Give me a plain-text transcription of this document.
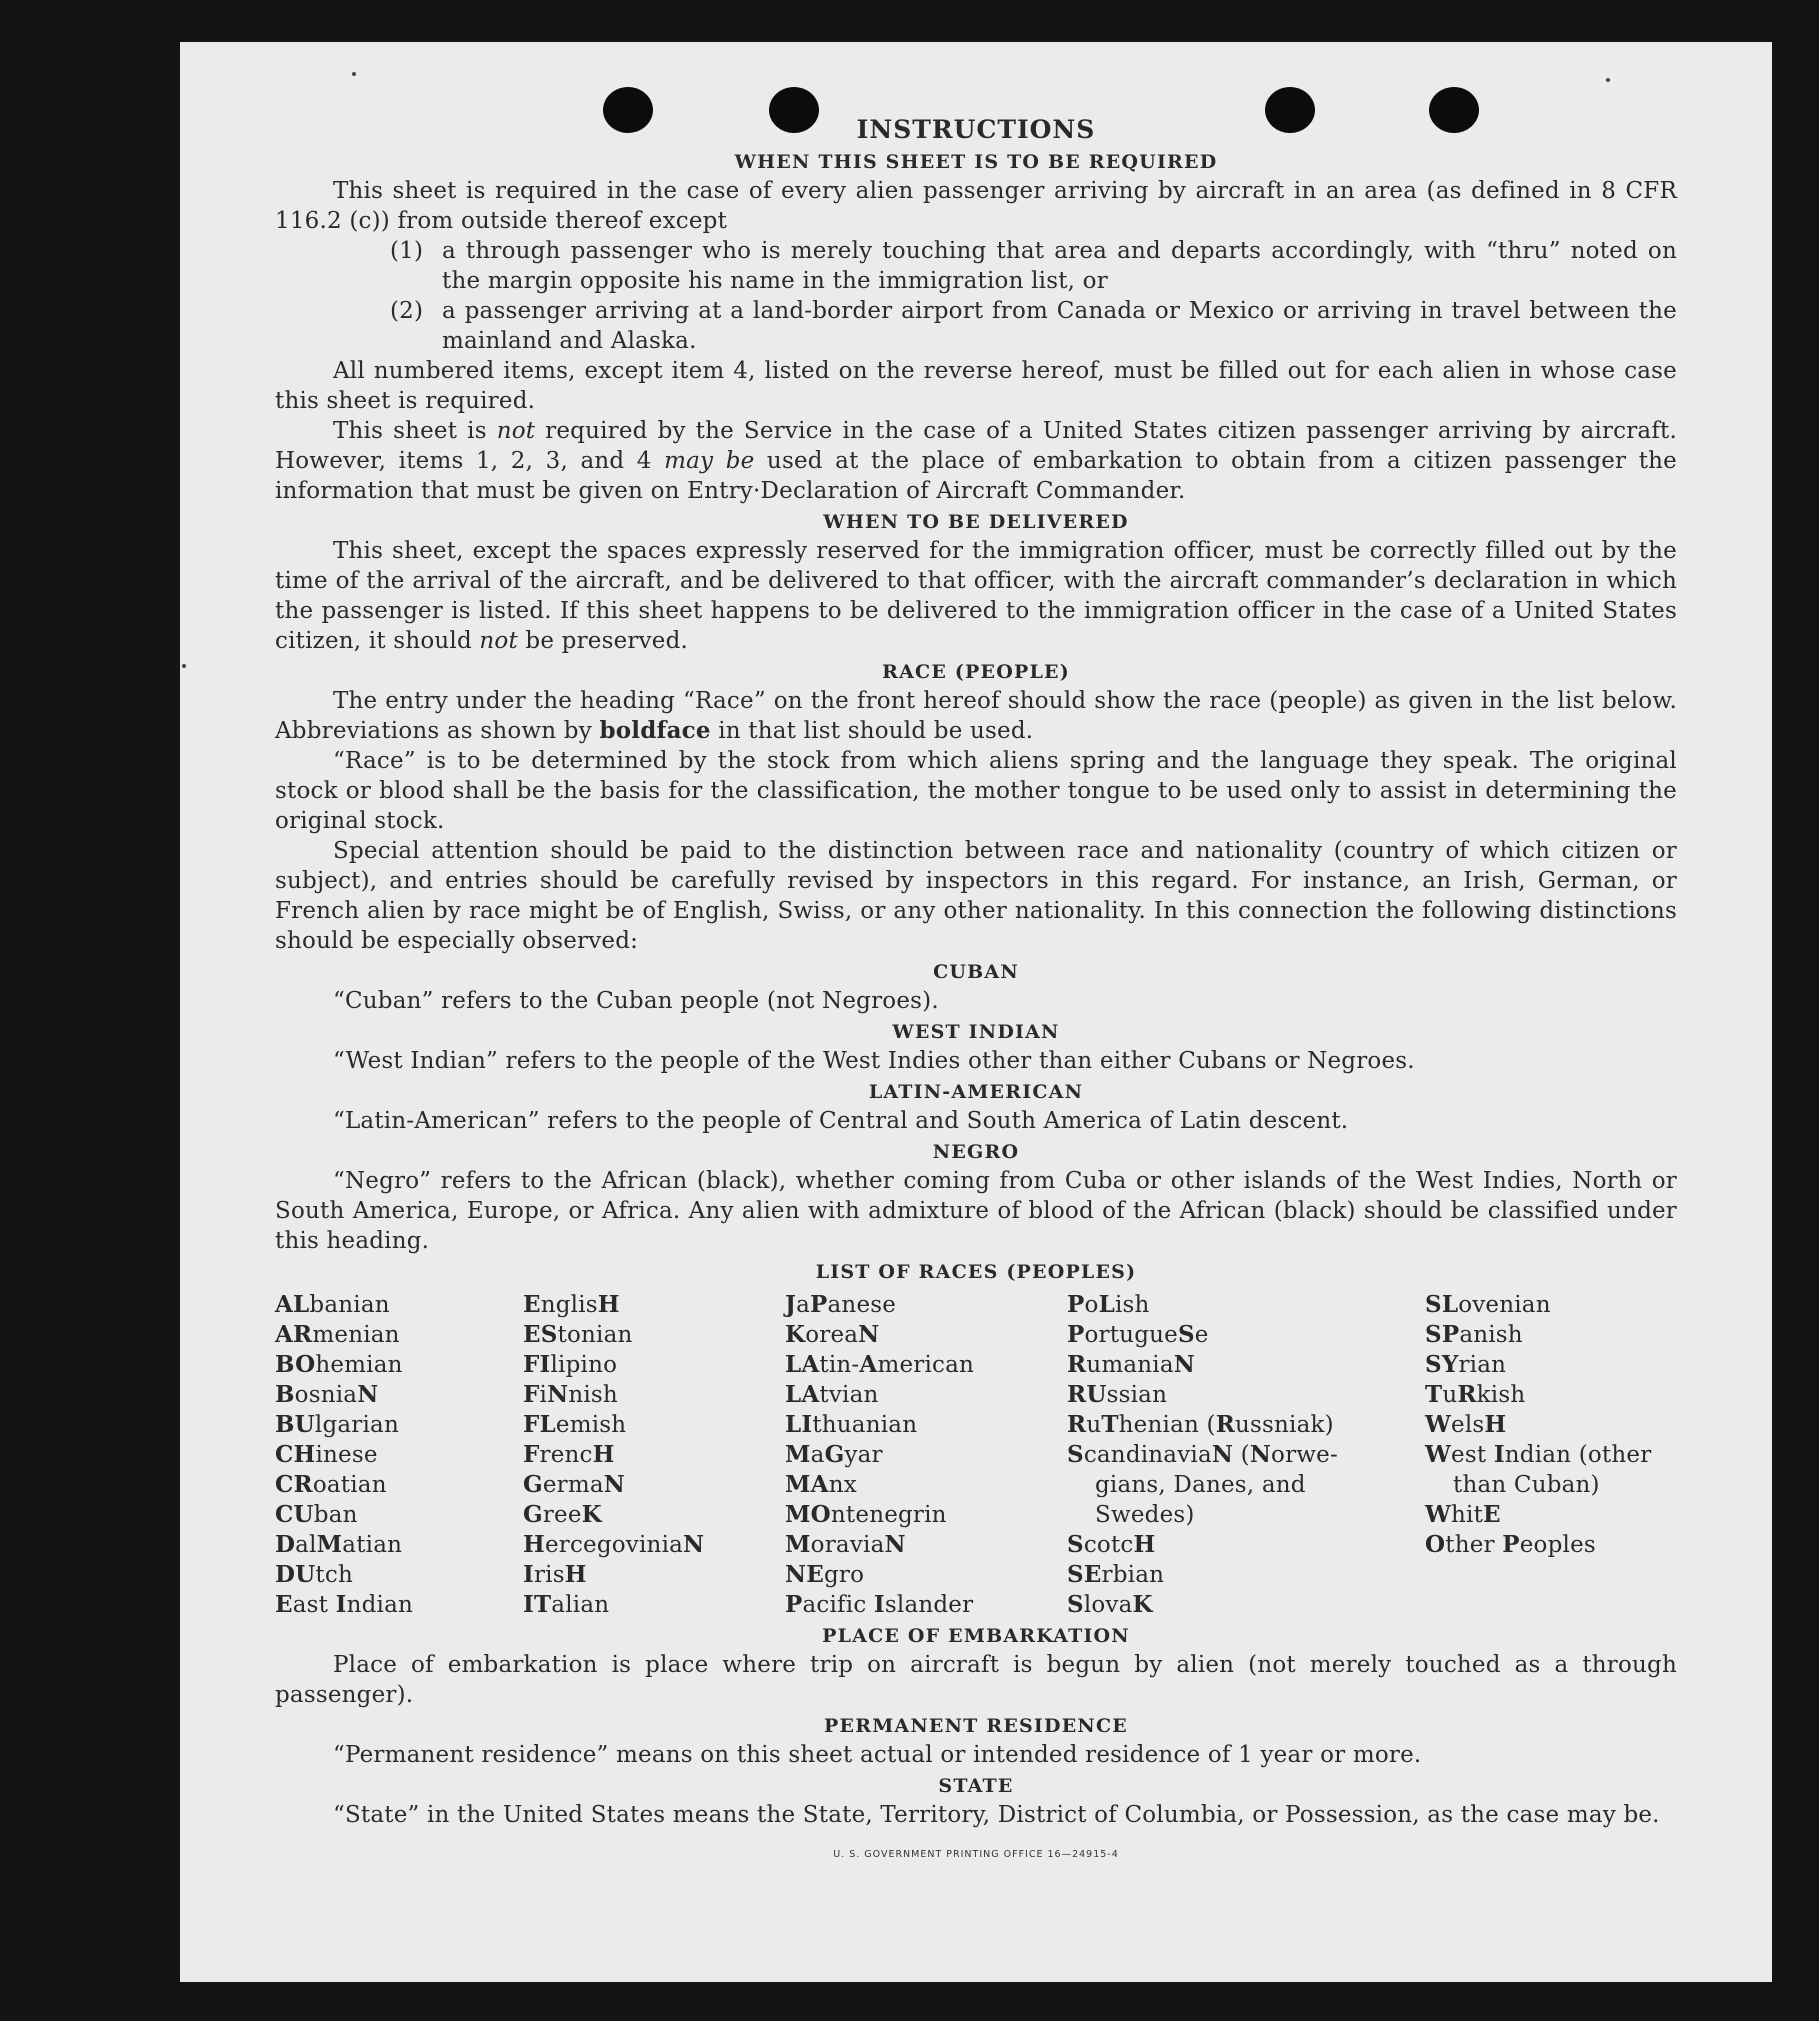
INSTRUCTIONS
WHEN THIS SHEET IS TO BE REQUIRED

This sheet is required in the case of every alien passenger arriving by aircraft in an area (as defined in 8 CFR 116.2 (c)) from outside thereof except

(1) a through passenger who is merely touching that area and departs accordingly, with “thru” noted on the margin opposite his name in the immigration list, or
(2) a passenger arriving at a land-border airport from Canada or Mexico or arriving in travel between the mainland and Alaska.

All numbered items, except item 4, listed on the reverse hereof, must be filled out for each alien in whose case this sheet is required.

This sheet is not required by the Service in the case of a United States citizen passenger arriving by aircraft. However, items 1, 2, 3, and 4 may be used at the place of embarkation to obtain from a citizen passenger the information that must be given on Entry·Declaration of Aircraft Commander.

WHEN TO BE DELIVERED

This sheet, except the spaces expressly reserved for the immigration officer, must be correctly filled out by the time of the arrival of the aircraft, and be delivered to that officer, with the aircraft commander’s declaration in which the passenger is listed. If this sheet happens to be delivered to the immigration officer in the case of a United States citizen, it should not be preserved.

RACE (PEOPLE)

The entry under the heading “Race” on the front hereof should show the race (people) as given in the list below. Abbreviations as shown by boldface in that list should be used.

“Race” is to be determined by the stock from which aliens spring and the language they speak. The original stock or blood shall be the basis for the classification, the mother tongue to be used only to assist in determining the original stock.

Special attention should be paid to the distinction between race and nationality (country of which citizen or subject), and entries should be carefully revised by inspectors in this regard. For instance, an Irish, German, or French alien by race might be of English, Swiss, or any other nationality. In this connection the following distinctions should be especially observed:

CUBAN

“Cuban” refers to the Cuban people (not Negroes).

WEST INDIAN

“West Indian” refers to the people of the West Indies other than either Cubans or Negroes.

LATIN-AMERICAN

“Latin-American” refers to the people of Central and South America of Latin descent.

NEGRO

“Negro” refers to the African (black), whether coming from Cuba or other islands of the West Indies, North or South America, Europe, or Africa. Any alien with admixture of blood of the African (black) should be classified under this heading.

LIST OF RACES (PEOPLES)
ALbanian
ARmenian
BOhemian
BosniaN
BUlgarian
CHinese
CRoatian
CUban
DalMatian
DUtch
East Indian
EnglisH
EStonian
FIlipino
FiNnish
FLemish
FrencH
GermaN
GreeK
HercegoviniaN
IrisH
ITalian
JaPanese
KoreaN
LAtin-American
LAtvian
LIthuanian
MaGyar
MAnx
MOntenegrin
MoraviaN
NEgro
Pacific Islander
PoLish
PortugueSe
RumaniaN
RUssian
RuThenian (Russniak)
ScandinaviaN (Norwe-
gians, Danes, and
Swedes)
ScotcH
SErbian
SlovaK
SLovenian
SPanish
SYrian
TuRkish
WelsH
West Indian (other
than Cuban)
WhitE
Other Peoples
PLACE OF EMBARKATION

Place of embarkation is place where trip on aircraft is begun by alien (not merely touched as a through passenger).

PERMANENT RESIDENCE

“Permanent residence” means on this sheet actual or intended residence of 1 year or more.

STATE

“State” in the United States means the State, Territory, District of Columbia, or Possession, as the case may be.

U. S. GOVERNMENT PRINTING OFFICE 16—24915-4
